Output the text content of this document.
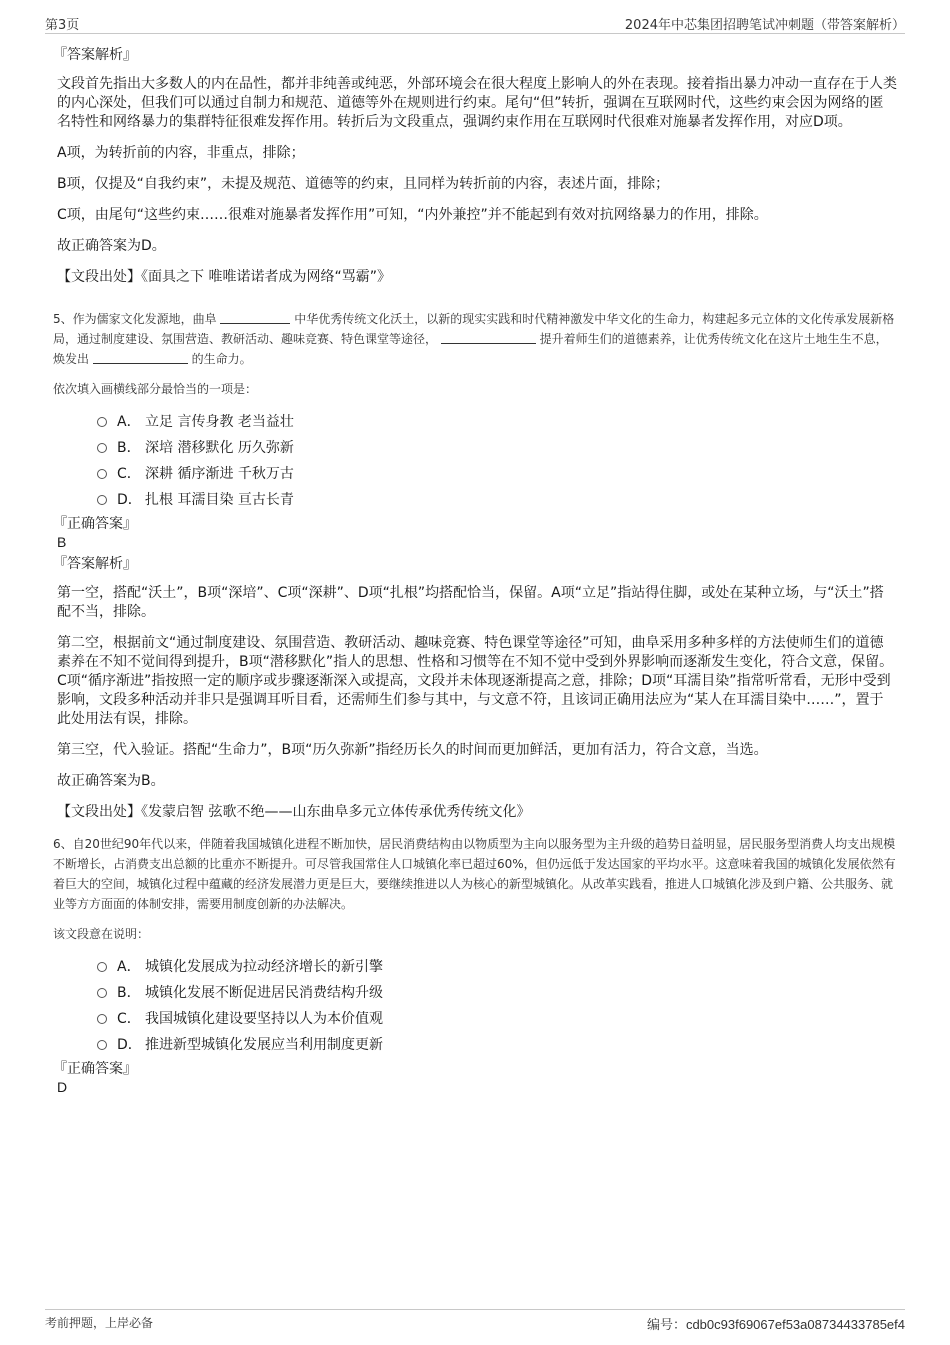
第3页	2024年中芯集团招聘笔试冲刺题（带答案解析）
『答案解析』
文段首先指出大多数人的内在品性，都并非纯善或纯恶，外部环境会在很大程度上影响人的外在表现。接着指出暴力冲动一直存在于人类的内心深处，但我们可以通过自制力和规范、道德等外在规则进行约束。尾句“但”转折，强调在互联网时代，这些约束会因为网络的匿名特性和网络暴力的集群特征很难发挥作用。转折后为文段重点，强调约束作用在互联网时代很难对施暴者发挥作用，对应D项。
A项，为转折前的内容，非重点，排除；
B项，仅提及“自我约束”，未提及规范、道德等的约束，且同样为转折前的内容，表述片面，排除；
C项，由尾句“这些约束……很难对施暴者发挥作用”可知，“内外兼控”并不能起到有效对抗网络暴力的作用，排除。
故正确答案为D。
【文段出处】《面具之下 唯唯诺诺者成为网络“骂霸”》
5、作为儒家文化发源地，曲阜	中华优秀传统文化沃土，以新的现实实践和时代精神激发中华文化的生命力，构建起多元立体的文化传承发展新格局，通过制度建设、氛围营造、教研活动、趣味竞赛、特色课堂等途径，	提升着师生们的道德素养，让优秀传统文化在这片土地生生不息，焕发出	的生命力。
依次填入画横线部分最恰当的一项是：
A． 立足 言传身教 老当益壮
B． 深培 潜移默化 历久弥新
C． 深耕 循序渐进 千秋万古
D． 扎根 耳濡目染 亘古长青
『正确答案』
B
『答案解析』
第一空，搭配“沃土”，B项“深培”、C项“深耕”、D项“扎根”均搭配恰当，保留。A项“立足”指站得住脚，或处在某种立场，与“沃土”搭配不当，排除。
第二空，根据前文“通过制度建设、氛围营造、教研活动、趣味竞赛、特色课堂等途径”可知，曲阜采用多种多样的方法使师生们的道德素养在不知不觉间得到提升，B项“潜移默化”指人的思想、性格和习惯等在不知不觉中受到外界影响而逐渐发生变化，符合文意，保留。C项“循序渐进”指按照一定的顺序或步骤逐渐深入或提高，文段并未体现逐渐提高之意，排除；D项“耳濡目染”指常听常看，无形中受到影响，文段多种活动并非只是强调耳听目看，还需师生们参与其中，与文意不符，且该词正确用法应为“某人在耳濡目染中……”，置于此处用法有误，排除。
第三空，代入验证。搭配“生命力”，B项“历久弥新”指经历长久的时间而更加鲜活，更加有活力，符合文意，当选。
故正确答案为B。
【文段出处】《发蒙启智 弦歌不绝——山东曲阜多元立体传承优秀传统文化》
6、自20世纪90年代以来，伴随着我国城镇化进程不断加快，居民消费结构由以物质型为主向以服务型为主升级的趋势日益明显，居民服务型消费人均支出规模不断增长，占消费支出总额的比重亦不断提升。可尽管我国常住人口城镇化率已超过60%，但仍远低于发达国家的平均水平。这意味着我国的城镇化发展依然有着巨大的空间，城镇化过程中蕴藏的经济发展潜力更是巨大，要继续推进以人为核心的新型城镇化。从改革实践看，推进人口城镇化涉及到户籍、公共服务、就业等方方面面的体制安排，需要用制度创新的办法解决。
该文段意在说明：
A． 城镇化发展成为拉动经济增长的新引擎
B． 城镇化发展不断促进居民消费结构升级
C． 我国城镇化建设要坚持以人为本价值观
D． 推进新型城镇化发展应当利用制度更新
『正确答案』
D
考前押题，上岸必备	编号：cdb0c93f69067ef53a08734433785ef4
